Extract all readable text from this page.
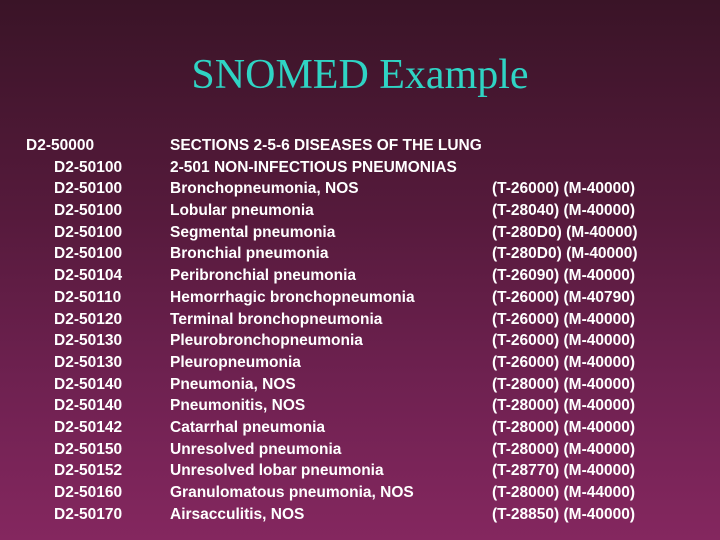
SNOMED Example
D2-50000	SECTIONS 2-5-6 DISEASES OF THE LUNG
D2-50100	2-501 NON-INFECTIOUS PNEUMONIAS
D2-50100	Bronchopneumonia, NOS	(T-26000) (M-40000)
D2-50100	Lobular pneumonia	(T-28040) (M-40000)
D2-50100	Segmental pneumonia	(T-280D0) (M-40000)
D2-50100	Bronchial pneumonia	(T-280D0) (M-40000)
D2-50104	Peribronchial pneumonia	(T-26090) (M-40000)
D2-50110	Hemorrhagic bronchopneumonia	(T-26000) (M-40790)
D2-50120	Terminal bronchopneumonia	(T-26000) (M-40000)
D2-50130	Pleurobronchopneumonia	(T-26000) (M-40000)
D2-50130	Pleuropneumonia	(T-26000) (M-40000)
D2-50140	Pneumonia, NOS	(T-28000) (M-40000)
D2-50140	Pneumonitis, NOS	(T-28000) (M-40000)
D2-50142	Catarrhal pneumonia	(T-28000) (M-40000)
D2-50150	Unresolved pneumonia	(T-28000) (M-40000)
D2-50152	Unresolved lobar pneumonia	(T-28770) (M-40000)
D2-50160	Granulomatous pneumonia, NOS	(T-28000) (M-44000)
D2-50170	Airsacculitis, NOS	(T-28850) (M-40000)
